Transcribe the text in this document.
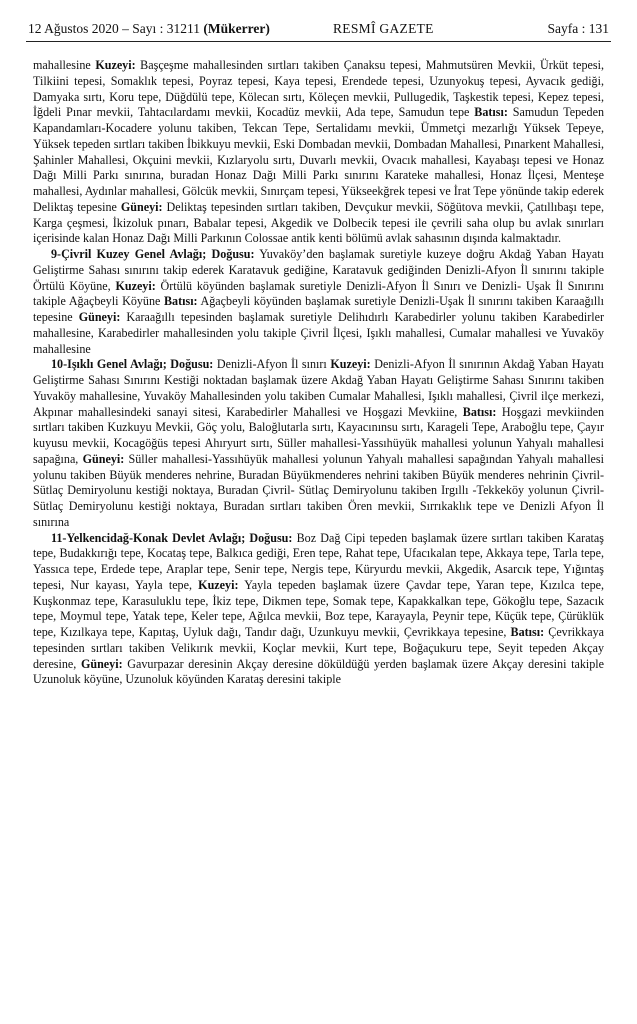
12 Ağustos 2020 – Sayı : 31211 (Mükerrer)	RESMÎ GAZETE	Sayfa : 131

mahallesine Kuzeyi: Başçeşme mahallesinden sırtları takiben Çanaksu tepesi, Mahmutsüren Mevkii, Ürküt tepesi, Tilkiini tepesi, Somaklık tepesi, Poyraz tepesi, Kaya tepesi, Erendede tepesi, Uzunyokuş tepesi, Ayvacık gediği, Damyaka sırtı, Koru tepe, Düğdülü tepe, Kölecan sırtı, Köleçen mevkii, Pullugedik, Taşkestik tepesi, Kepez tepesi, İğdeli Pınar mevkii, Tahtacılardamı mevkii, Kocadüz mevkii, Ada tepe, Samudun tepe Batısı: Samudun Tepeden Kapandamları-Kocadere yolunu takiben, Tekcan Tepe, Sertalidamı mevkii, Ümmetçi mezarlığı Yüksek Tepeye, Yüksek tepeden sırtları takiben İbikkuyu mevkii, Eski Dombadan mevkii, Dombadan Mahallesi, Pınarkent Mahallesi, Şahinler Mahallesi, Okçuini mevkii, Kızlaryolu sırtı, Duvarlı mevkii, Ovacık mahallesi, Kayabaşı tepesi ve Honaz Dağı Milli Parkı sınırına, buradan Honaz Dağı Milli Parkı sınırını Karateke mahallesi, Honaz İlçesi, Menteşe mahallesi, Aydınlar mahallesi, Gölcük mevkii, Sınırçam tepesi, Yükseekğrek tepesi ve İrat Tepe yönünde takip ederek Deliktaş tepesine Güneyi: Deliktaş tepesinden sırtları takiben, Devçukur mevkii, Söğütova mevkii, Çatıllıbaşı tepe, Karga çeşmesi, İkizoluk pınarı, Babalar tepesi, Akgedik ve Dolbecik tepesi ile çevrili saha olup bu avlak sınırları içerisinde kalan Honaz Dağı Milli Parkının Colossae antik kenti bölümü avlak sahasının dışında kalmaktadır.

9-Çivril Kuzey Genel Avlağı; Doğusu: Yuvaköy’den başlamak suretiyle kuzeye doğru Akdağ Yaban Hayatı Geliştirme Sahası sınırını takip ederek Karatavuk gediğine, Karatavuk gediğinden Denizli-Afyon İl sınırını takiple Örtülü Köyüne, Kuzeyi: Örtülü köyünden başlamak suretiyle Denizli-Afyon İl Sınırı ve Denizli- Uşak İl Sınırını takiple Ağaçbeyli Köyüne Batısı: Ağaçbeyli köyünden başlamak suretiyle Denizli-Uşak İl sınırını takiben Karaağıllı tepesine Güneyi: Karaağıllı tepesinden başlamak suretiyle Delihıdırlı Karabedirler yolunu takiben Karabedirler mahallesine, Karabedirler mahallesinden yolu takiple Çivril İlçesi, Işıklı mahallesi, Cumalar mahallesi ve Yuvaköy mahallesine

10-Işıklı Genel Avlağı; Doğusu: Denizli-Afyon İl sınırı Kuzeyi: Denizli-Afyon İl sınırının Akdağ Yaban Hayatı Geliştirme Sahası Sınırını Kestiği noktadan başlamak üzere Akdağ Yaban Hayatı Geliştirme Sahası Sınırını takiben Yuvaköy mahallesine, Yuvaköy Mahallesinden yolu takiben Cumalar Mahallesi, Işıklı mahallesi, Çivril ilçe merkezi, Akpınar mahallesindeki sanayi sitesi, Karabedirler Mahallesi ve Hoşgazi Mevkiine, Batısı: Hoşgazi mevkiinden sırtları takiben Kuzkuyu Mevkii, Göç yolu, Baloğlutarla sırtı, Kayacınınsu sırtı, Karageli Tepe, Araboğlu tepe, Çayır kuyusu mevkii, Kocagöğüs tepesi Ahıryurt sırtı, Süller mahallesi-Yassıhüyük mahallesi yolunun Yahyalı mahallesi sapağına, Güneyi: Süller mahallesi-Yassıhüyük mahallesi yolunun Yahyalı mahallesi sapağından Yahyalı mahallesi yolunu takiben Büyük menderes nehrine, Buradan Büyükmenderes nehrini takiben Büyük menderes nehrinin Çivril- Sütlaç Demiryolunu kestiği noktaya, Buradan Çivril- Sütlaç Demiryolunu takiben Irgıllı -Tekkeköy yolunun Çivril- Sütlaç Demiryolunu kestiği noktaya, Buradan sırtları takiben Ören mevkii, Sırrıkaklık tepe ve Denizli Afyon İl sınırına

11-Yelkencidağ-Konak Devlet Avlağı; Doğusu: Boz Dağ Cipi tepeden başlamak üzere sırtları takiben Karataş tepe, Budakkırığı tepe, Kocataş tepe, Balkıca gediği, Eren tepe, Rahat tepe, Ufacıkalan tepe, Akkaya tepe, Tarla tepe, Yassıca tepe, Erdede tepe, Araplar tepe, Senir tepe, Nergis tepe, Küryurdu mevkii, Akgedik, Asarcık tepe, Yığıntaş tepesi, Nur kayası, Yayla tepe, Kuzeyi: Yayla tepeden başlamak üzere Çavdar tepe, Yaran tepe, Kızılca tepe, Kuşkonmaz tepe, Karasuluklu tepe, İkiz tepe, Dikmen tepe, Somak tepe, Kapakkalkan tepe, Gökoğlu tepe, Sazacık tepe, Moymul tepe, Yatak tepe, Keler tepe, Ağılca mevkii, Boz tepe, Karayayla, Peynir tepe, Küçük tepe, Çürüklük tepe, Kızılkaya tepe, Kapıtaş, Uyluk dağı, Tandır dağı, Uzunkuyu mevkii, Çevrikkaya tepesine, Batısı: Çevrikkaya tepesinden sırtları takiben Velikırık mevkii, Koçlar mevkii, Kurt tepe, Boğaçukuru tepe, Seyit tepeden Akçay deresine, Güneyi: Gavurpazar deresinin Akçay deresine döküldüğü yerden başlamak üzere Akçay deresini takiple Uzunoluk köyüne, Uzunoluk köyünden Karataş deresini takiple
